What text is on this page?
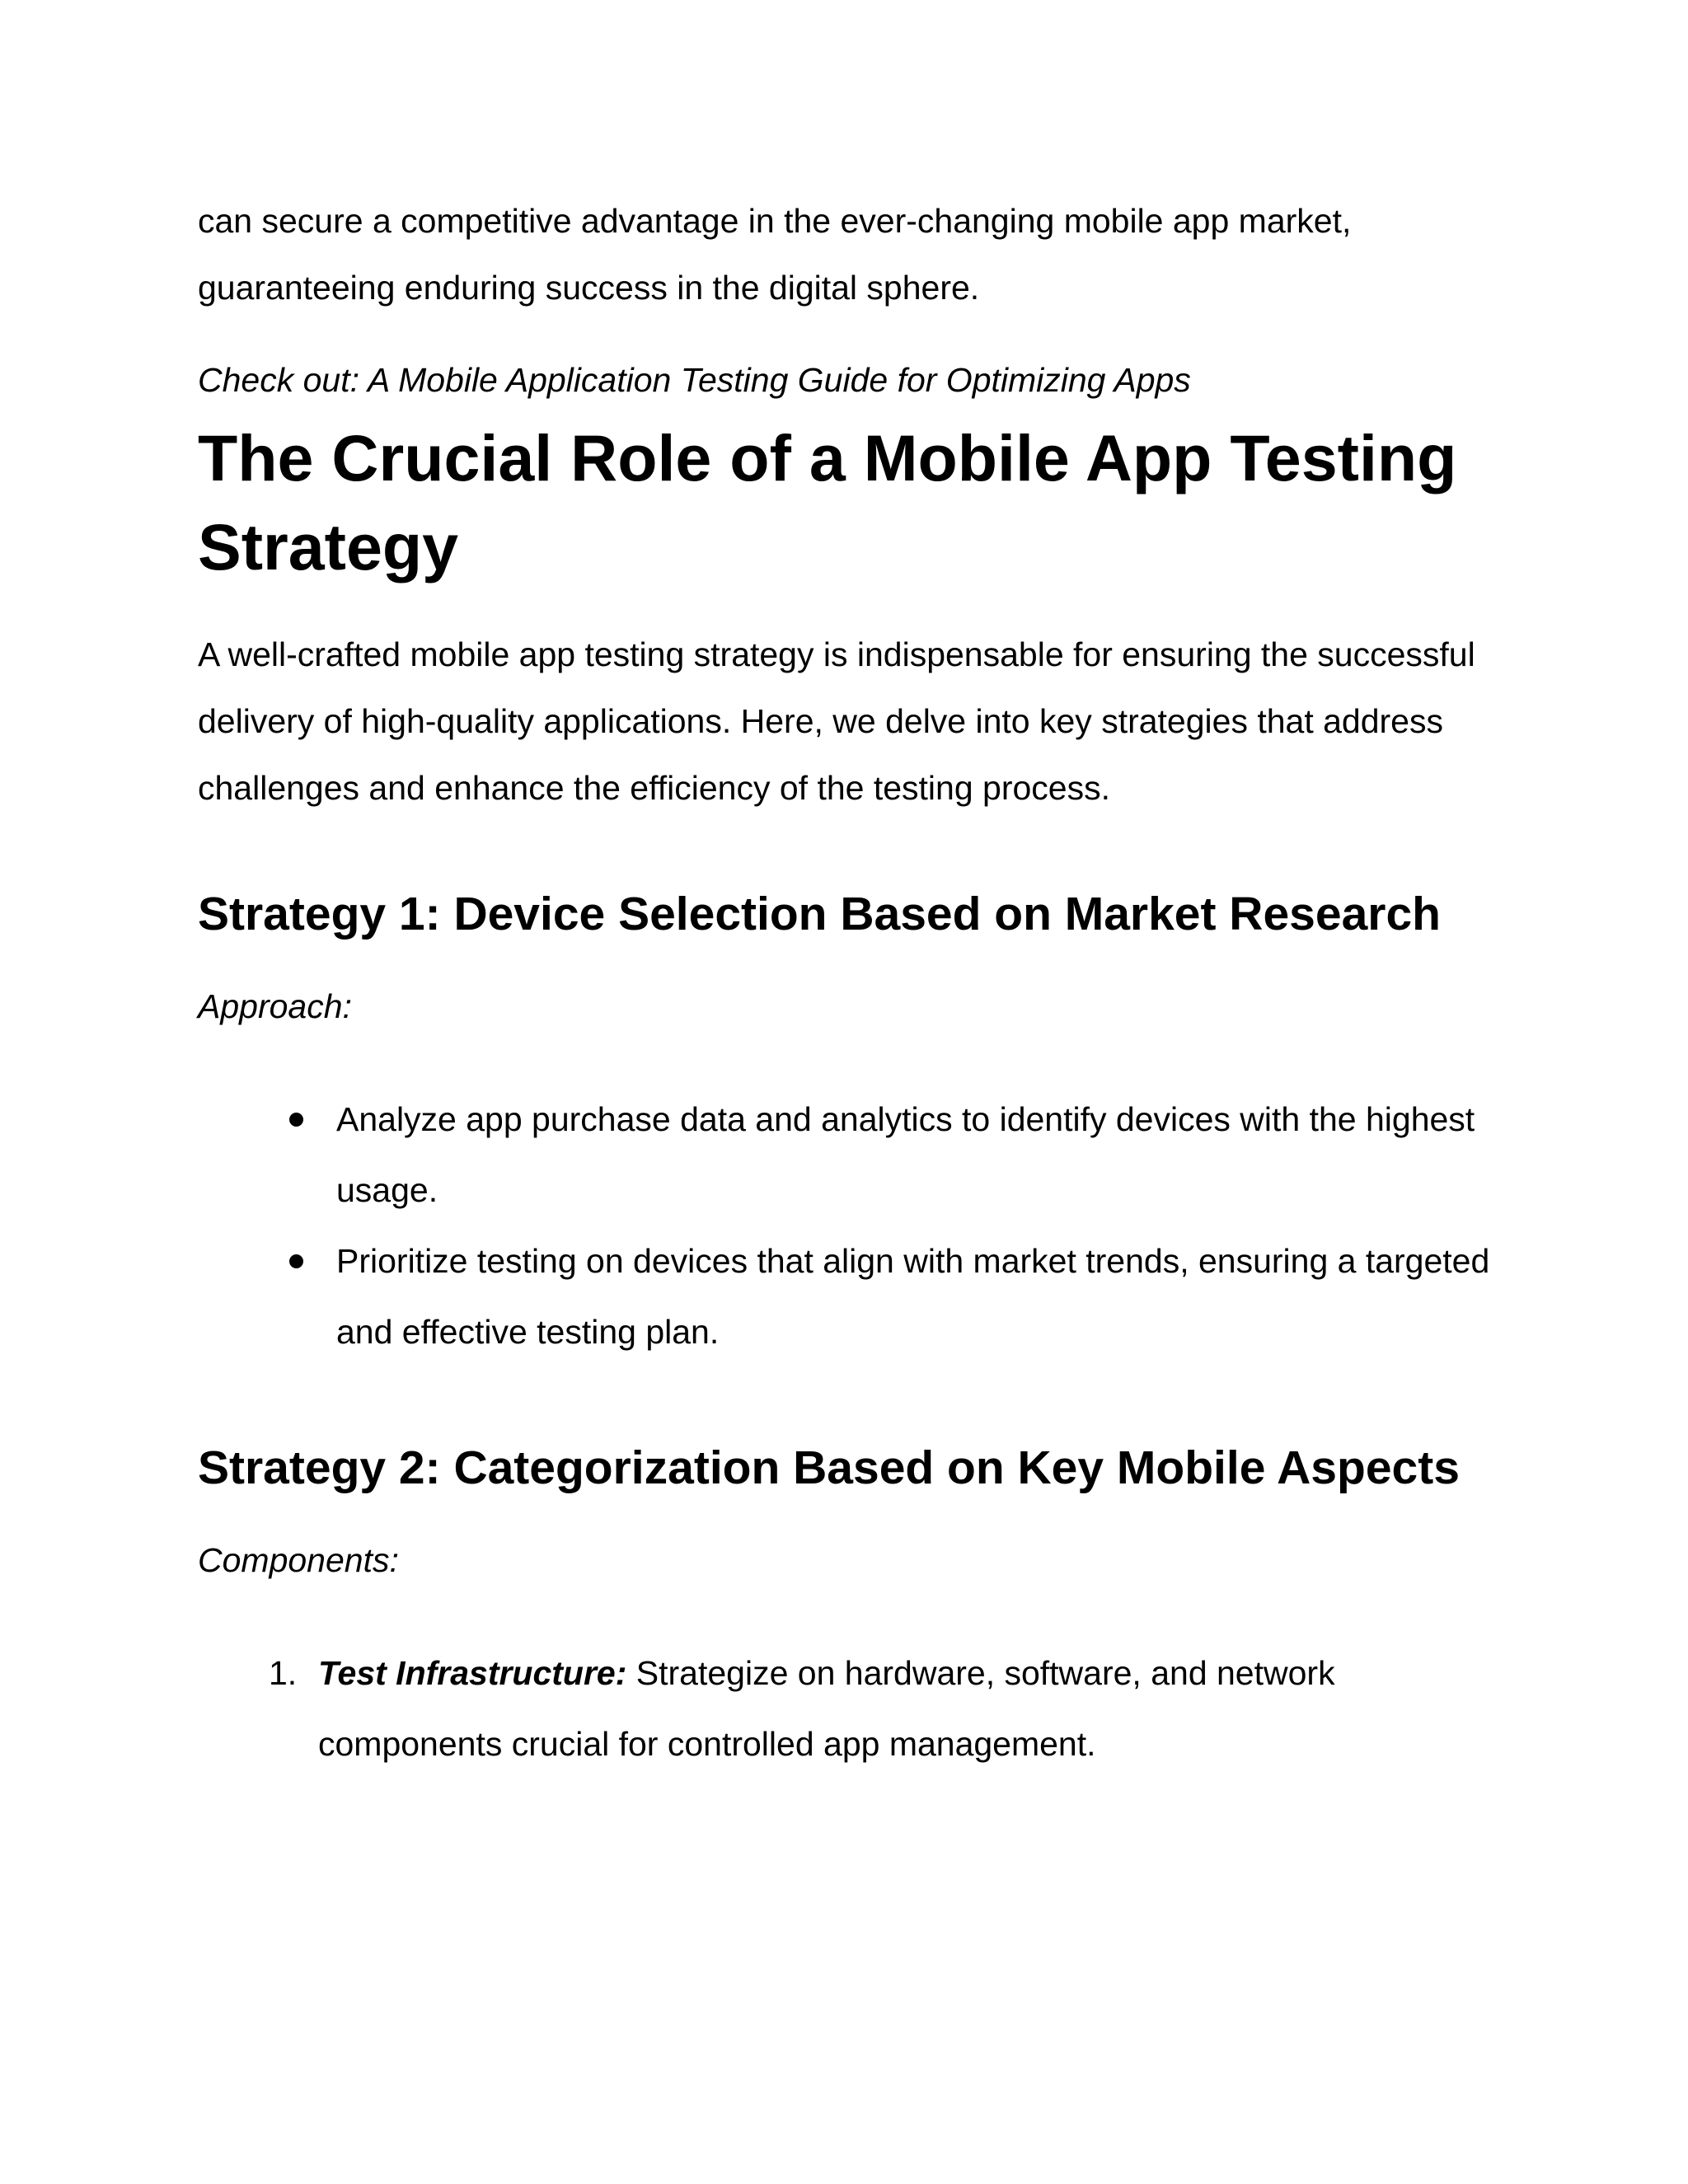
can secure a competitive advantage in the ever-changing mobile app market, guaranteeing enduring success in the digital sphere.

Check out: A Mobile Application Testing Guide for Optimizing Apps

The Crucial Role of a Mobile App Testing Strategy

A well-crafted mobile app testing strategy is indispensable for ensuring the successful delivery of high-quality applications. Here, we delve into key strategies that address challenges and enhance the efficiency of the testing process.

Strategy 1: Device Selection Based on Market Research

Approach:

Analyze app purchase data and analytics to identify devices with the highest usage.
Prioritize testing on devices that align with market trends, ensuring a targeted and effective testing plan.
Strategy 2: Categorization Based on Key Mobile Aspects

Components:

1. Test Infrastructure: Strategize on hardware, software, and network components crucial for controlled app management.
